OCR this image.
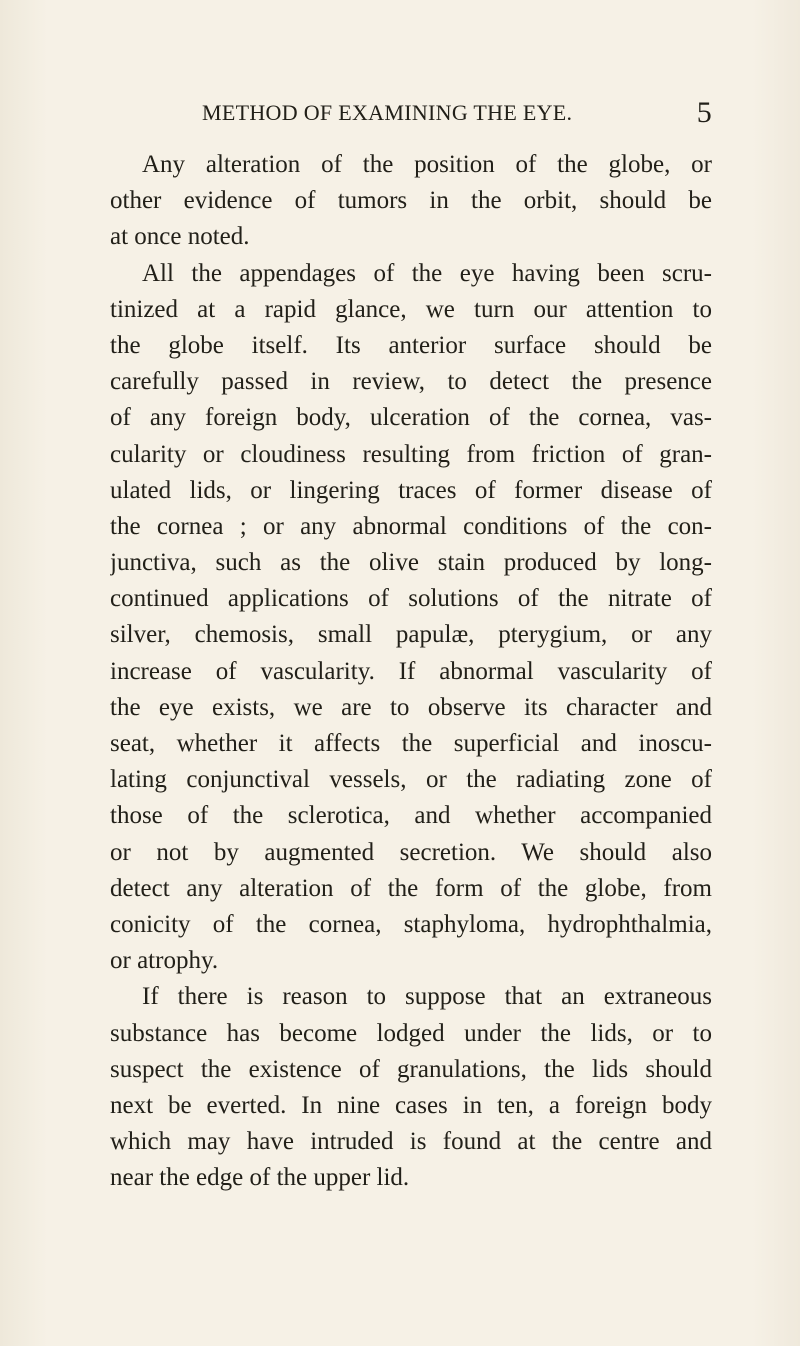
METHOD OF EXAMINING THE EYE.	5
Any alteration of the position of the globe, or
other evidence of tumors in the orbit, should be
at once noted.
All the appendages of the eye having been scru-
tinized at a rapid glance, we turn our attention to
the globe itself. Its anterior surface should be
carefully passed in review, to detect the presence
of any foreign body, ulceration of the cornea, vas-
cularity or cloudiness resulting from friction of gran-
ulated lids, or lingering traces of former disease of
the cornea ; or any abnormal conditions of the con-
junctiva, such as the olive stain produced by long-
continued applications of solutions of the nitrate of
silver, chemosis, small papulæ, pterygium, or any
increase of vascularity. If abnormal vascularity of
the eye exists, we are to observe its character and
seat, whether it affects the superficial and inoscu-
lating conjunctival vessels, or the radiating zone of
those of the sclerotica, and whether accompanied
or not by augmented secretion. We should also
detect any alteration of the form of the globe, from
conicity of the cornea, staphyloma, hydrophthalmia,
or atrophy.
If there is reason to suppose that an extraneous
substance has become lodged under the lids, or to
suspect the existence of granulations, the lids should
next be everted. In nine cases in ten, a foreign body
which may have intruded is found at the centre and
near the edge of the upper lid.
